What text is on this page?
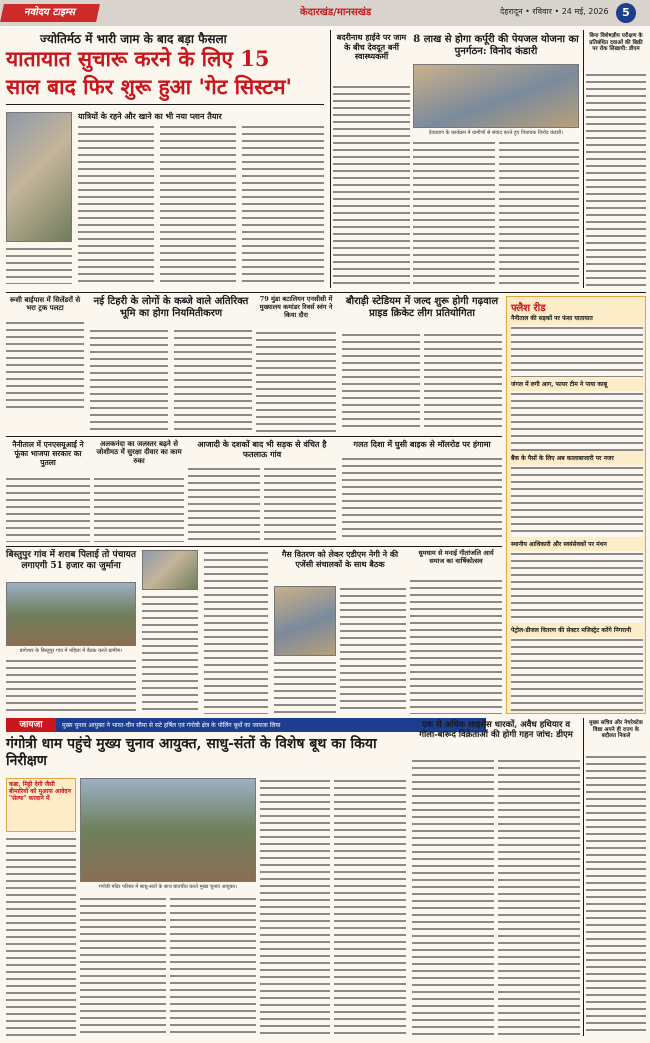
नवोदय टाइम्स	केदारखंड/मानसखंड	देहरादून • रविवार • 24 मई, 2026	5
ज्योतिर्मठ में भारी जाम के बाद बड़ा फैसला
यातायात सुचारू करने के लिए 15
साल बाद फिर शुरू हुआ 'गेट सिस्टम'
यात्रियों के रहने और खाने का भी नया प्लान तैयार
बदरीनाथ हाईवे पर जाम के बीच देवदूत बनीं स्वास्थ्यकर्मी
8 लाख से होगा कर्पूरी की पेयजल योजना का पुनर्गठन: विनोद कंडारी
देवप्रयाग के कार्यक्रम में ग्रामीणों से संवाद करते हुए विधायक विनोद कंडारी।
बिना विशेषज्ञीय परीक्षण के प्रतिबंधित दवाओं की बिक्री पर रोक लिखायी: डीएम
रूसी बाईपास में सिलेंडरों से भरा ट्रक पलटा
नई टिहरी के लोगों के कब्जे वाले अतिरिक्त भूमि का होगा नियमितीकरण
79 मुंडा बटालियन एनसीसी में मुख्यालय कमांडर रिवर्स स्वंग ने किया दौरा
बौराड़ी स्टेडियम में जल्द शुरू होगी गढ़वाल प्राइड क्रिकेट लीग प्रतियोगिता	फ्लैश रीड
नैनीताल की सड़कों पर फंसा यातायात
जंगल में लगी आग, फायर टीम ने पाया काबू
बैंक के पैसों के लिए अब कालाबाजारी पर नजर
स्थानीय आधिकारी और स्वयंसेवकों पर मंथन
पेट्रोल-डीजल वितरण की सेक्टर मजिस्ट्रेट करेंगे निगरानी
नैनीताल में एनएसयूआई ने फूंका भाजपा सरकार का पुतला
अलकनंदा का जलस्तर बढ़ने से जोशीमठ में सुरक्षा दीवार का काम रुका
आजादी के दशकों बाद भी सड़क से वंचित है फतलाऊ गांव
गलत दिशा में घुसी बाइक से मॉलरोड पर हंगामा
बिस्तुपुर गांव में शराब पिलाई तो पंचायत लगाएगी 51 हजार का जुर्माना
बागेश्वर के बिस्तुपुर गांव में महिला में बैठक करते ग्रामीण।
गैस वितरण को लेकर एडीएम नेगी ने की एजेंसी संचालकों के साथ बैठक
धूमधाम से मनाई गीतांजलि आर्य समाज का वार्षिकोत्सव
जायजा	मुख्य चुनाव आयुक्त ने भारत-चीन सीमा से सटे हर्षिल एवं गंगोत्री क्षेत्र के पोलिंग बूथों का जायजा लिया
गंगोत्री धाम पहुंचे मुख्य चुनाव आयुक्त, साधु-संतों के विशेष बूथ का किया निरीक्षण
कब्रा, मिट्टी देगी जैसी बीमारियों को मुआफ आवेदन "सेल्फ" करवाने में
गंगोत्री मंदिर परिसर में साधु-संतों के साथ बातचीत करते मुख्य चुनाव आयुक्त।
एक से अधिक लाइसेंस धारकों, अवैध हथियार व गोला-बारूद विक्रेताओं की होगी गहन जांच: डीएम
मुख्य सचिव और नेचरेक्टेक विद्या अपने ही राज्य के बदौलत निकले
